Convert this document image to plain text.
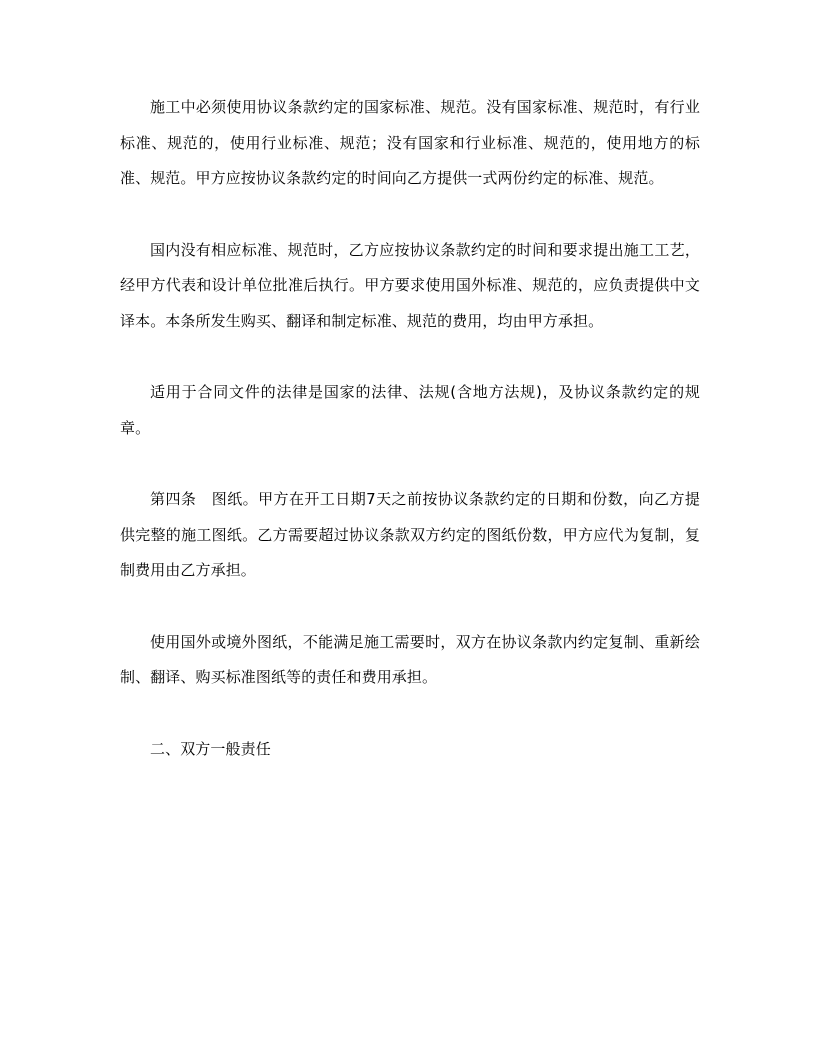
施工中必须使用协议条款约定的国家标准、规范。没有国家标准、规范时，有行业标准、规范的，使用行业标准、规范；没有国家和行业标准、规范的，使用地方的标准、规范。甲方应按协议条款约定的时间向乙方提供一式两份约定的标准、规范。

国内没有相应标准、规范时，乙方应按协议条款约定的时间和要求提出施工工艺，经甲方代表和设计单位批准后执行。甲方要求使用国外标准、规范的，应负责提供中文译本。本条所发生购买、翻译和制定标准、规范的费用，均由甲方承担。

适用于合同文件的法律是国家的法律、法规(含地方法规)，及协议条款约定的规章。

第四条　图纸。甲方在开工日期7天之前按协议条款约定的日期和份数，向乙方提供完整的施工图纸。乙方需要超过协议条款双方约定的图纸份数，甲方应代为复制，复制费用由乙方承担。

使用国外或境外图纸，不能满足施工需要时，双方在协议条款内约定复制、重新绘制、翻译、购买标准图纸等的责任和费用承担。

二、双方一般责任
